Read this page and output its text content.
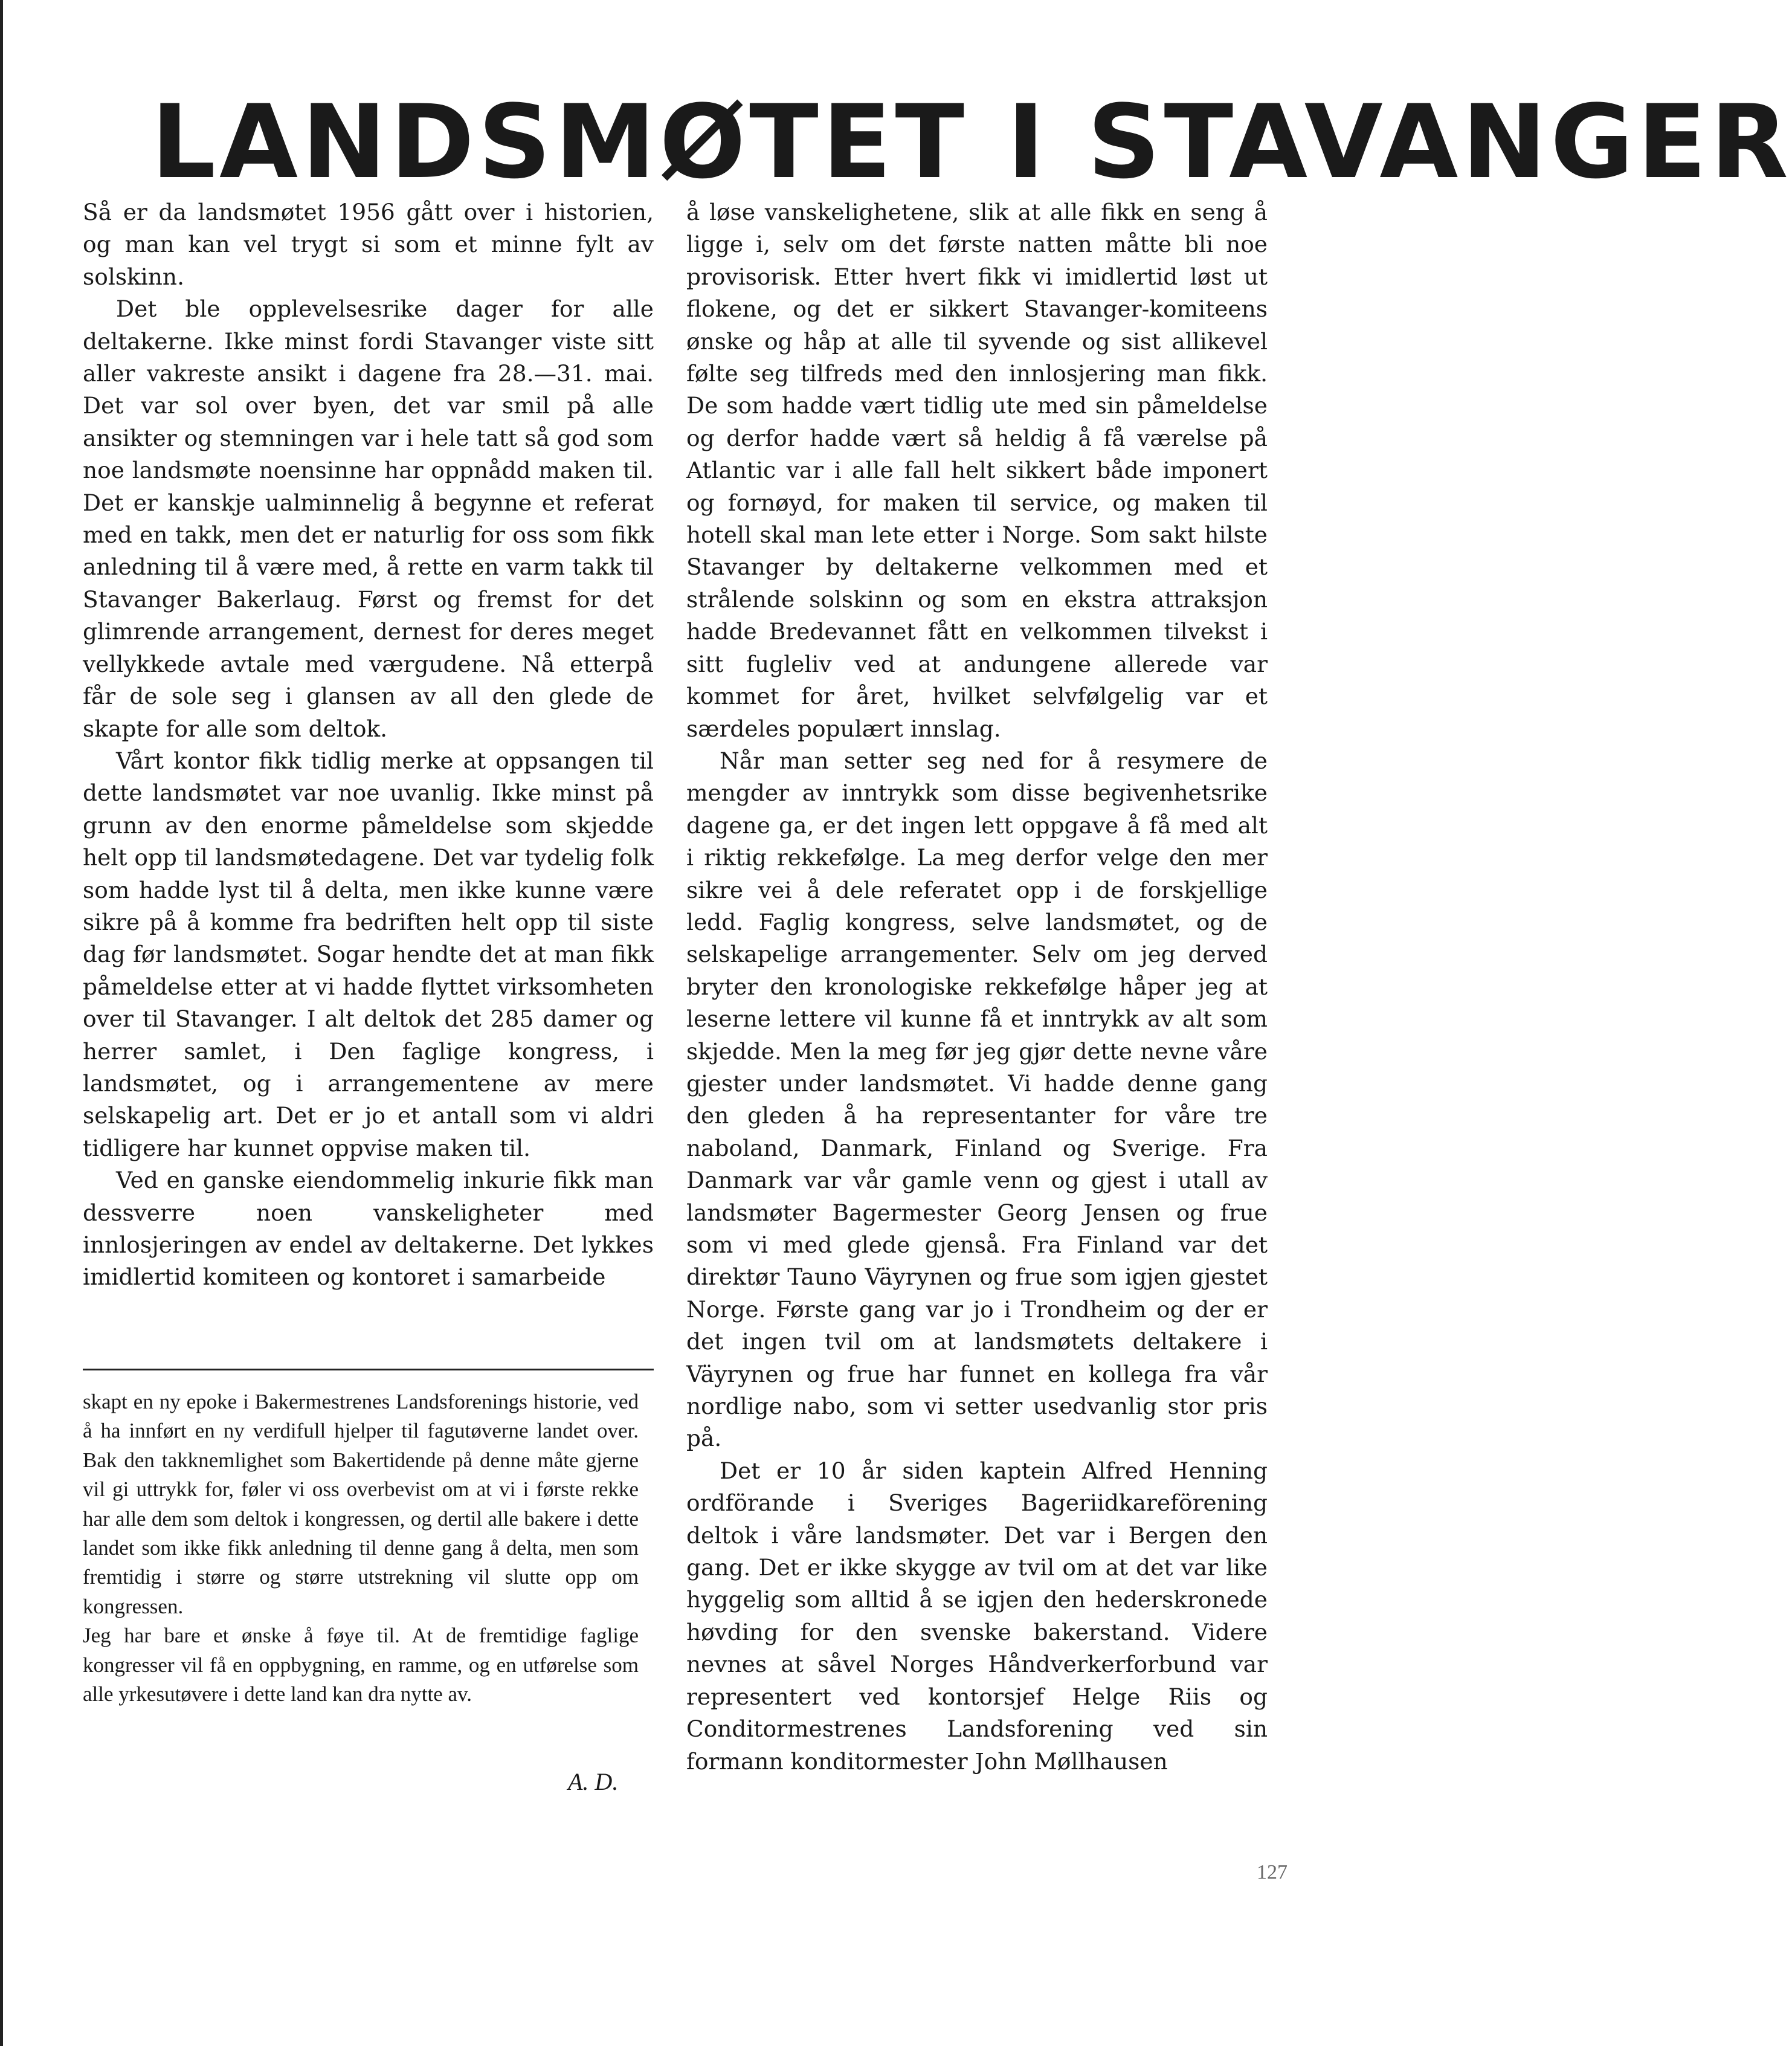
LANDSMØTET I STAVANGER

Så er da landsmøtet 1956 gått over i historien, og man kan vel trygt si som et minne fylt av solskinn.

Det ble opplevelsesrike dager for alle deltakerne. Ikke minst fordi Stavanger viste sitt aller vakreste ansikt i dagene fra 28.—31. mai. Det var sol over byen, det var smil på alle ansikter og stemningen var i hele tatt så god som noe landsmøte noensinne har oppnådd maken til. Det er kanskje ualminnelig å begynne et referat med en takk, men det er naturlig for oss som fikk anledning til å være med, å rette en varm takk til Stavanger Bakerlaug. Først og fremst for det glimrende arrangement, dernest for deres meget vellykkede avtale med værgudene. Nå etterpå får de sole seg i glansen av all den glede de skapte for alle som deltok.

Vårt kontor fikk tidlig merke at oppsangen til dette landsmøtet var noe uvanlig. Ikke minst på grunn av den enorme påmeldelse som skjedde helt opp til landsmøtedagene. Det var tydelig folk som hadde lyst til å delta, men ikke kunne være sikre på å komme fra bedriften helt opp til siste dag før landsmøtet. Sogar hendte det at man fikk påmeldelse etter at vi hadde flyttet virksomheten over til Stavanger. I alt deltok det 285 damer og herrer samlet, i Den faglige kongress, i landsmøtet, og i arrangementene av mere selskapelig art. Det er jo et antall som vi aldri tidligere har kunnet oppvise maken til.

Ved en ganske eiendommelig inkurie fikk man dessverre noen vanskeligheter med innlosjeringen av endel av deltakerne. Det lykkes imidlertid komiteen og kontoret i samarbeide

skapt en ny epoke i Bakermestrenes Landsforenings historie, ved å ha innført en ny verdifull hjelper til fagutøverne landet over. Bak den takknemlighet som Bakertidende på denne måte gjerne vil gi uttrykk for, føler vi oss overbevist om at vi i første rekke har alle dem som deltok i kongressen, og dertil alle bakere i dette landet som ikke fikk anledning til denne gang å delta, men som fremtidig i større og større utstrekning vil slutte opp om kongressen.

Jeg har bare et ønske å føye til. At de fremtidige faglige kongresser vil få en oppbygning, en ramme, og en utførelse som alle yrkesutøvere i dette land kan dra nytte av.

A. D.

å løse vanskelighetene, slik at alle fikk en seng å ligge i, selv om det første natten måtte bli noe provisorisk. Etter hvert fikk vi imidlertid løst ut flokene, og det er sikkert Stavanger-komiteens ønske og håp at alle til syvende og sist allikevel følte seg tilfreds med den innlosjering man fikk. De som hadde vært tidlig ute med sin påmeldelse og derfor hadde vært så heldig å få værelse på Atlantic var i alle fall helt sikkert både imponert og fornøyd, for maken til service, og maken til hotell skal man lete etter i Norge. Som sakt hilste Stavanger by deltakerne velkommen med et strålende solskinn og som en ekstra attraksjon hadde Bredevannet fått en velkommen tilvekst i sitt fugleliv ved at andungene allerede var kommet for året, hvilket selvfølgelig var et særdeles populært innslag.

Når man setter seg ned for å resymere de mengder av inntrykk som disse begivenhetsrike dagene ga, er det ingen lett oppgave å få med alt i riktig rekkefølge. La meg derfor velge den mer sikre vei å dele referatet opp i de forskjellige ledd. Faglig kongress, selve landsmøtet, og de selskapelige arrangementer. Selv om jeg derved bryter den kronologiske rekkefølge håper jeg at leserne lettere vil kunne få et inntrykk av alt som skjedde. Men la meg før jeg gjør dette nevne våre gjester under landsmøtet. Vi hadde denne gang den gleden å ha representanter for våre tre naboland, Danmark, Finland og Sverige. Fra Danmark var vår gamle venn og gjest i utall av landsmøter Bagermester Georg Jensen og frue som vi med glede gjenså. Fra Finland var det direktør Tauno Väyrynen og frue som igjen gjestet Norge. Første gang var jo i Trondheim og der er det ingen tvil om at landsmøtets deltakere i Väyrynen og frue har funnet en kollega fra vår nordlige nabo, som vi setter usedvanlig stor pris på.

Det er 10 år siden kaptein Alfred Henning ordförande i Sveriges Bageriidkareförening deltok i våre landsmøter. Det var i Bergen den gang. Det er ikke skygge av tvil om at det var like hyggelig som alltid å se igjen den hederskronede høvding for den svenske bakerstand. Videre nevnes at såvel Norges Håndverkerforbund var representert ved kontorsjef Helge Riis og Conditormestrenes Landsforening ved sin formann konditormester John Møllhausen

127
